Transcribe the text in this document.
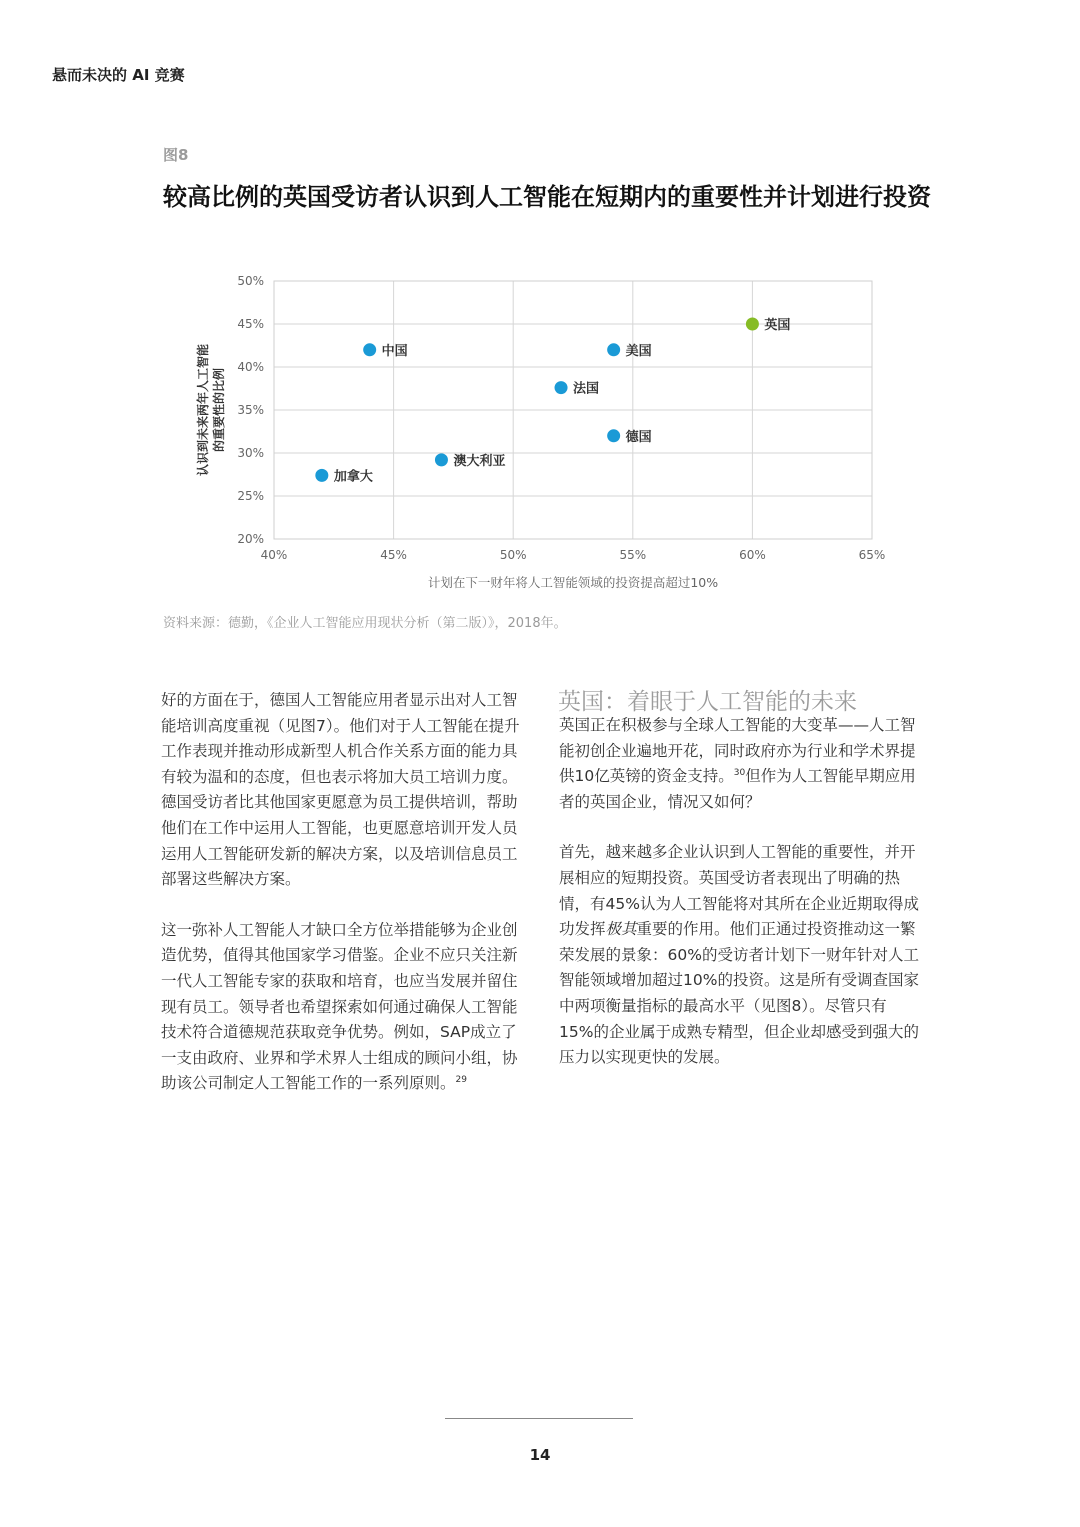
悬而未决的 AI 竞赛
图8
较高比例的英国受访者认识到人工智能在短期内的重要性并计划进行投资
20%
25%
30%
35%
40%
45%
50%
40%	45%	50%	55%	60%	65%
计划在下一财年将人工智能领域的投资提高超过10%
认识到未来两年人工智能 的重要性的比例
中国	美国
英国
法国
德国
澳大利亚
加拿大
资料来源：德勤，《企业人工智能应用现状分析（第二版）》，2018年。

好的方面在于，德国人工智能应用者显示出对人工智能培训高度重视（见图7）。他们对于人工智能在提升工作表现并推动形成新型人机合作关系方面的能力具有较为温和的态度，但也表示将加大员工培训力度。德国受访者比其他国家更愿意为员工提供培训，帮助他们在工作中运用人工智能，也更愿意培训开发人员运用人工智能研发新的解决方案，以及培训信息员工部署这些解决方案。

这一弥补人工智能人才缺口全方位举措能够为企业创造优势，值得其他国家学习借鉴。企业不应只关注新一代人工智能专家的获取和培育，也应当发展并留住现有员工。领导者也希望探索如何通过确保人工智能技术符合道德规范获取竞争优势。例如，SAP成立了一支由政府、业界和学术界人士组成的顾问小组，协助该公司制定人工智能工作的一系列原则。$^{29}$

英国：着眼于人工智能的未来

英国正在积极参与全球人工智能的大变革——人工智能初创企业遍地开花，同时政府亦为行业和学术界提供10亿英镑的资金支持。$^{30}$但作为人工智能早期应用者的英国企业，情况又如何？

首先，越来越多企业认识到人工智能的重要性，并开展相应的短期投资。英国受访者表现出了明确的热情，有45%认为人工智能将对其所在企业近期取得成功发挥极其重要的作用。他们正通过投资推动这一繁荣发展的景象：60%的受访者计划下一财年针对人工智能领域增加超过10%的投资。这是所有受调查国家中两项衡量指标的最高水平（见图8）。尽管只有15%的企业属于成熟专精型，但企业却感受到强大的压力以实现更快的发展。

14
